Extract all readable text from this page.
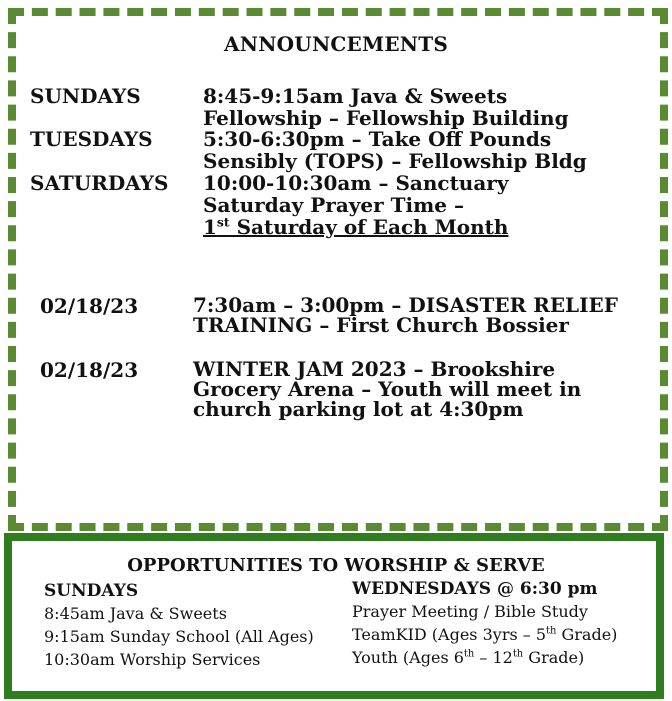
ANNOUNCEMENTS
SUNDAYS	8:45-9:15am Java & Sweets
Fellowship – Fellowship Building
TUESDAYS	5:30-6:30pm – Take Off Pounds
Sensibly (TOPS) – Fellowship Bldg
SATURDAYS 10:00-10:30am – Sanctuary
Saturday Prayer Time –
1st Saturday of Each Month
02/18/23	7:30am – 3:00pm – DISASTER RELIEF
TRAINING – First Church Bossier
02/18/23	WINTER JAM 2023 – Brookshire
Grocery Arena – Youth will meet in
church parking lot at 4:30pm
OPPORTUNITIES TO WORSHIP & SERVE
SUNDAYS
8:45am Java & Sweets
9:15am Sunday School (All Ages)
10:30am Worship Services
WEDNESDAYS @ 6:30 pm
Prayer Meeting / Bible Study
TeamKID (Ages 3yrs – 5th Grade)
Youth (Ages 6th – 12th Grade)
